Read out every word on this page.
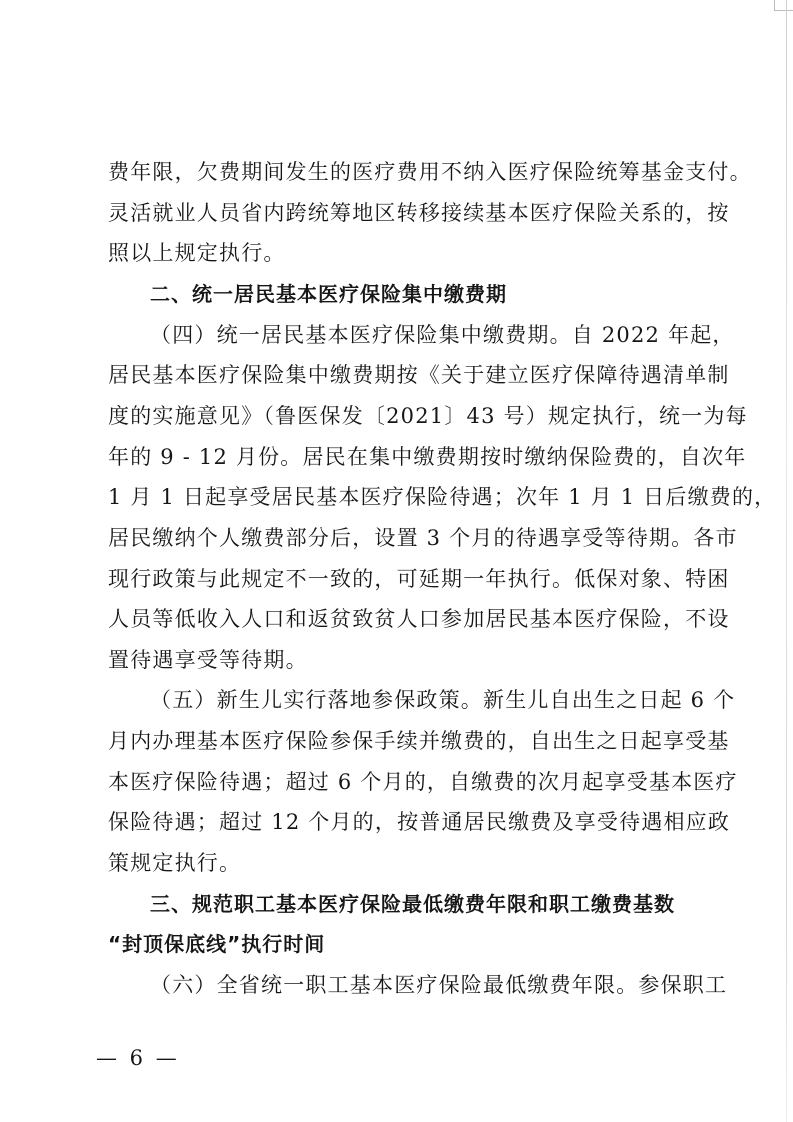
费年限，欠费期间发生的医疗费用不纳入医疗保险统筹基金支付。
灵活就业人员省内跨统筹地区转移接续基本医疗保险关系的，按
照以上规定执行。
二、统一居民基本医疗保险集中缴费期
（四）统一居民基本医疗保险集中缴费期。自 2022 年起，
居民基本医疗保险集中缴费期按《关于建立医疗保障待遇清单制
度的实施意见》（鲁医保发〔2021〕43 号）规定执行，统一为每
年的 9 - 12 月份。居民在集中缴费期按时缴纳保险费的，自次年
1 月 1 日起享受居民基本医疗保险待遇；次年 1 月 1 日后缴费的，
居民缴纳个人缴费部分后，设置 3 个月的待遇享受等待期。各市
现行政策与此规定不一致的，可延期一年执行。低保对象、特困
人员等低收入人口和返贫致贫人口参加居民基本医疗保险，不设
置待遇享受等待期。
（五）新生儿实行落地参保政策。新生儿自出生之日起 6 个
月内办理基本医疗保险参保手续并缴费的，自出生之日起享受基
本医疗保险待遇；超过 6 个月的，自缴费的次月起享受基本医疗
保险待遇；超过 12 个月的，按普通居民缴费及享受待遇相应政
策规定执行。
三、规范职工基本医疗保险最低缴费年限和职工缴费基数
“封顶保底线”执行时间
（六）全省统一职工基本医疗保险最低缴费年限。参保职工
— 6 —
